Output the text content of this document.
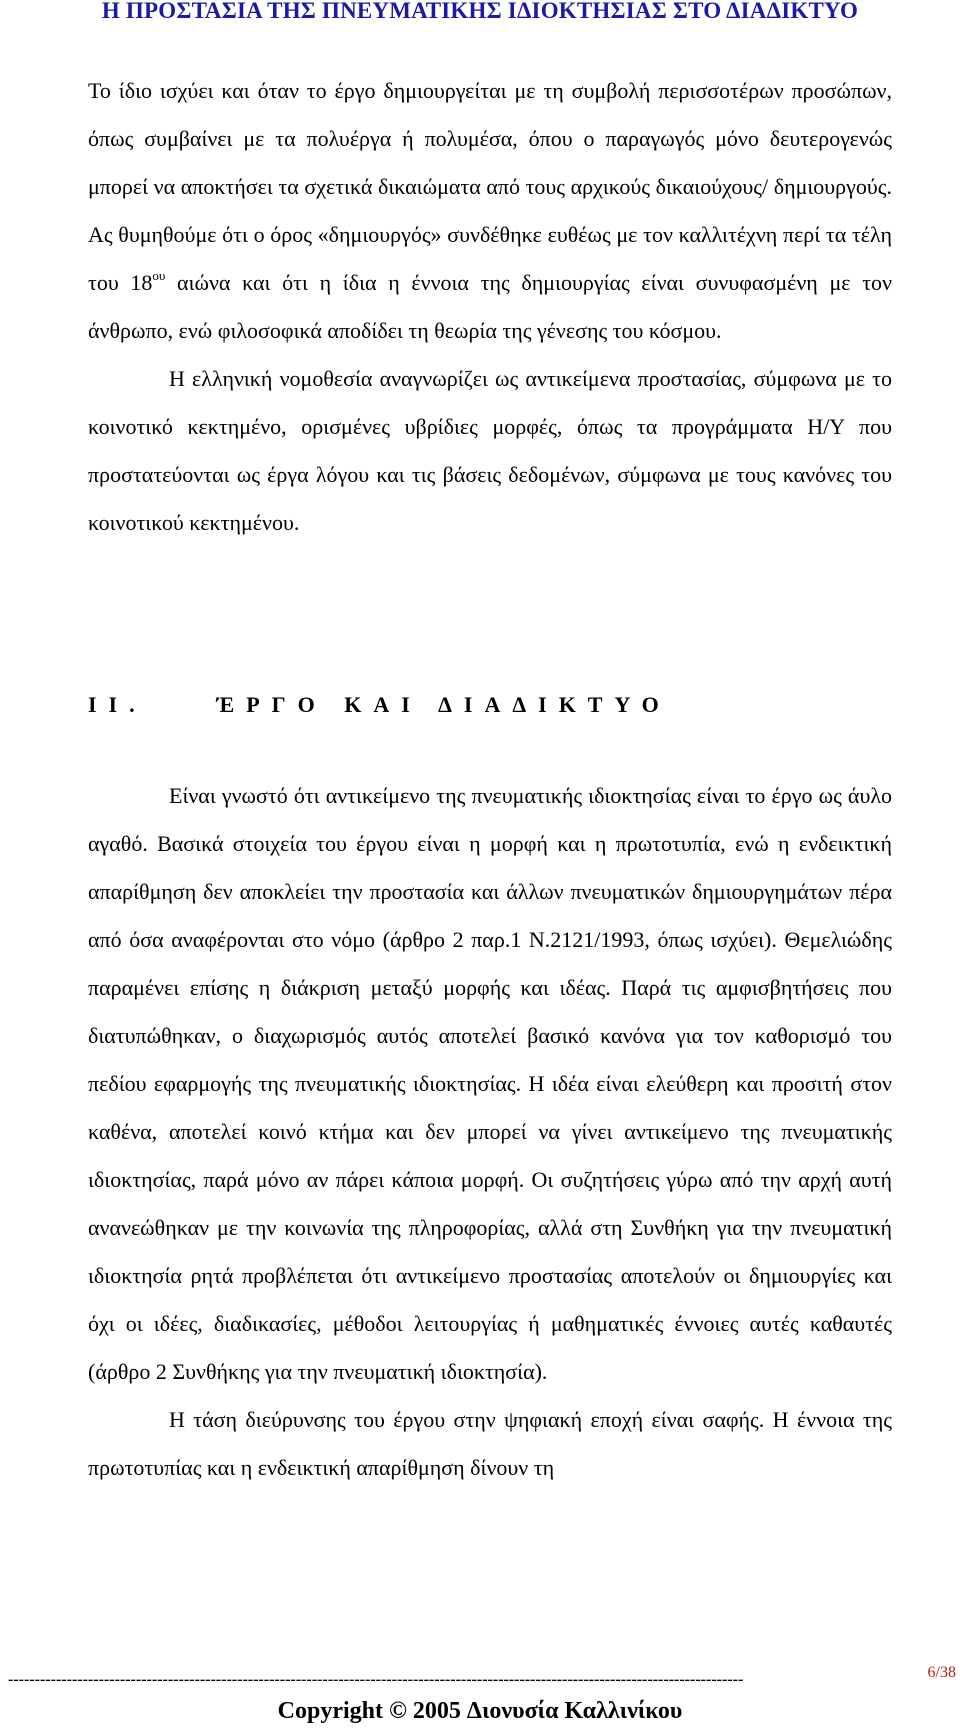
Η ΠΡΟΣΤΑΣΙΑ ΤΗΣ ΠΝΕΥΜΑΤΙΚΗΣ ΙΔΙΟΚΤΗΣΙΑΣ ΣΤΟ ΔΙΑΔΙΚΤΥΟ

Το ίδιο ισχύει και όταν το έργο δημιουργείται με τη συμβολή περισσοτέρων προσώπων, όπως συμβαίνει με τα πολυέργα ή πολυμέσα, όπου ο παραγωγός μόνο δευτερογενώς μπορεί να αποκτήσει τα σχετικά δικαιώματα από τους αρχικούς δικαιούχους/ δημιουργούς. Ας θυμηθούμε ότι ο όρος «δημιουργός» συνδέθηκε ευθέως με τον καλλιτέχνη περί τα τέλη του $18^{o\upsilon}$ αιώνα και ότι η ίδια η έννοια της δημιουργίας είναι συνυφασμένη με τον άνθρωπο, ενώ φιλοσοφικά αποδίδει τη θεωρία της γένεσης του κόσμου.

Η ελληνική νομοθεσία αναγνωρίζει ως αντικείμενα προστασίας, σύμφωνα με το κοινοτικό κεκτημένο, ορισμένες υβρίδιες μορφές, όπως τα προγράμματα Η/Υ που προστατεύονται ως έργα λόγου και τις βάσεις δεδομένων, σύμφωνα με τους κανόνες του κοινοτικού κεκτημένου.

ΙΙ.	ΈΡΓΟ ΚΑΙ ΔΙΑΔΙΚΤΥΟ

Είναι γνωστό ότι αντικείμενο της πνευματικής ιδιοκτησίας είναι το έργο ως άυλο αγαθό. Βασικά στοιχεία του έργου είναι η μορφή και η πρωτοτυπία, ενώ η ενδεικτική απαρίθμηση δεν αποκλείει την προστασία και άλλων πνευματικών δημιουργημάτων πέρα από όσα αναφέρονται στο νόμο (άρθρο 2 παρ.1 Ν.2121/1993, όπως ισχύει). Θεμελιώδης παραμένει επίσης η διάκριση μεταξύ μορφής και ιδέας. Παρά τις αμφισβητήσεις που διατυπώθηκαν, ο διαχωρισμός αυτός αποτελεί βασικό κανόνα για τον καθορισμό του πεδίου εφαρμογής της πνευματικής ιδιοκτησίας. Η ιδέα είναι ελεύθερη και προσιτή στον καθένα, αποτελεί κοινό κτήμα και δεν μπορεί να γίνει αντικείμενο της πνευματικής ιδιοκτησίας, παρά μόνο αν πάρει κάποια μορφή. Οι συζητήσεις γύρω από την αρχή αυτή ανανεώθηκαν με την κοινωνία της πληροφορίας, αλλά στη Συνθήκη για την πνευματική ιδιοκτησία ρητά προβλέπεται ότι αντικείμενο προστασίας αποτελούν οι δημιουργίες και όχι οι ιδέες, διαδικασίες, μέθοδοι λειτουργίας ή μαθηματικές έννοιες αυτές καθαυτές (άρθρο 2 Συνθήκης για την πνευματική ιδιοκτησία).

Η τάση διεύρυνσης του έργου στην ψηφιακή εποχή είναι σαφής. Η έννοια της πρωτοτυπίας και η ενδεικτική απαρίθμηση δίνουν τη

6/38
------------------------------------------------------------------------------------------------------------------------------------------
Copyright © 2005 Διονυσία Καλλινίκου
